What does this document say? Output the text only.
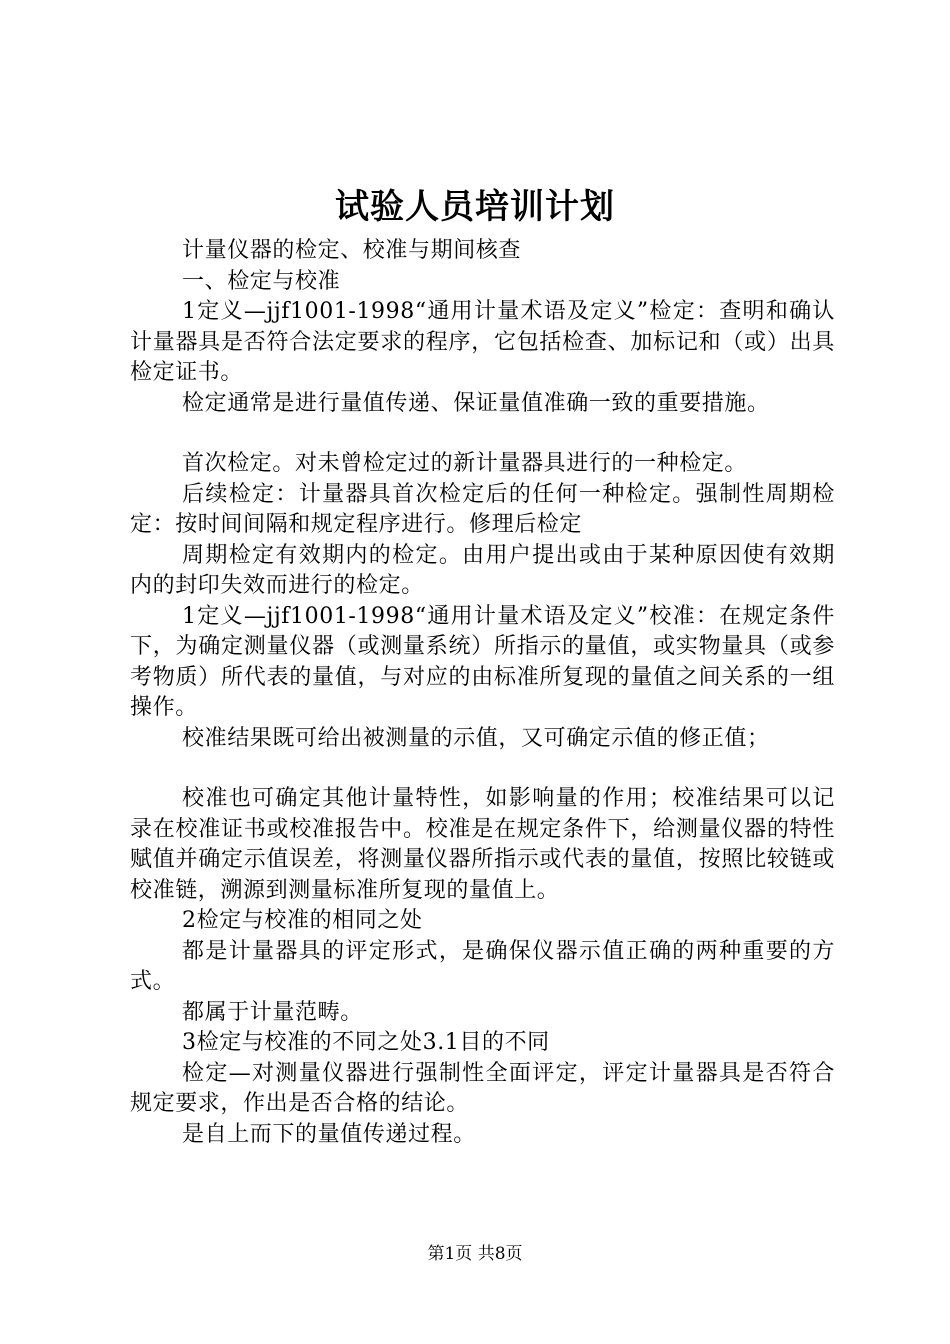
试验人员培训计划

计量仪器的检定、校准与期间核查

一、检定与校准

1定义—jjf1001-1998“通用计量术语及定义”检定：查明和确认计量器具是否符合法定要求的程序，它包括检查、加标记和（或）出具检定证书。

检定通常是进行量值传递、保证量值准确一致的重要措施。

首次检定。对未曾检定过的新计量器具进行的一种检定。

后续检定：计量器具首次检定后的任何一种检定。强制性周期检定：按时间间隔和规定程序进行。修理后检定

周期检定有效期内的检定。由用户提出或由于某种原因使有效期内的封印失效而进行的检定。

1定义—jjf1001-1998“通用计量术语及定义”校准：在规定条件下，为确定测量仪器（或测量系统）所指示的量值，或实物量具（或参考物质）所代表的量值，与对应的由标准所复现的量值之间关系的一组操作。

校准结果既可给出被测量的示值，又可确定示值的修正值；

校准也可确定其他计量特性，如影响量的作用；校准结果可以记录在校准证书或校准报告中。校准是在规定条件下，给测量仪器的特性赋值并确定示值误差，将测量仪器所指示或代表的量值，按照比较链或校准链，溯源到测量标准所复现的量值上。

2检定与校准的相同之处

都是计量器具的评定形式，是确保仪器示值正确的两种重要的方式。

都属于计量范畴。

3检定与校准的不同之处3.1目的不同

检定—对测量仪器进行强制性全面评定，评定计量器具是否符合规定要求，作出是否合格的结论。

是自上而下的量值传递过程。

第1页 共8页
